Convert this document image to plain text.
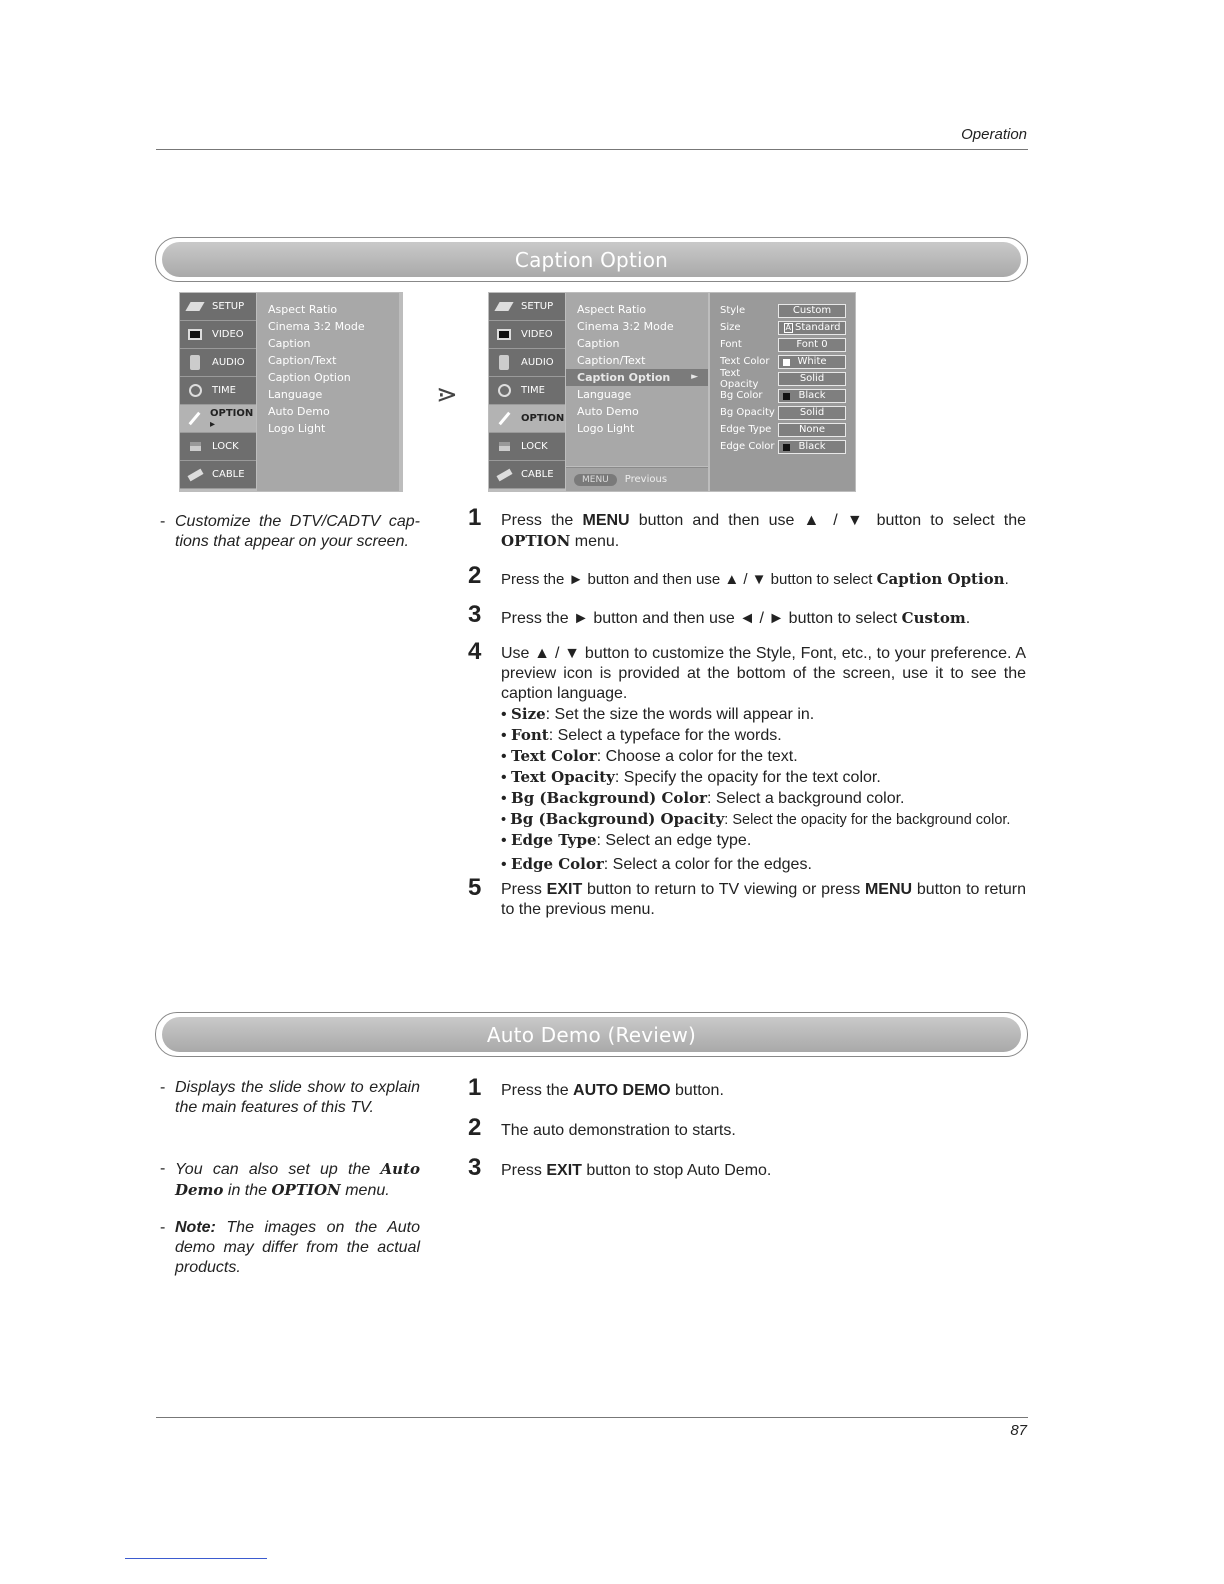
Operation
Caption Option
SETUP
VIDEO
AUDIO
TIME
OPTION ▸
LOCK
CABLE
Aspect Ratio
Cinema 3:2 Mode
Caption
Caption/Text
Caption Option
Language
Auto Demo
Logo Light
⋗
SETUP
VIDEO
AUDIO
TIME
OPTION
LOCK
CABLE
Aspect Ratio
Cinema 3:2 Mode
Caption
Caption/Text
Caption Option ►
Language
Auto Demo
Logo Light
MENU	Previous
Style	Custom
Size	A Standard
Font	Font 0
Text Color	White
Text Opacity	Solid
Bg Color	Black
Bg Opacity	Solid
Edge Type	None
Edge Color	Black
- Customize the DTV/CADTV cap-tions that appear on your screen.
1	Press the MENU button and then use ▲ / ▼ button to select the OPTION menu.
2	Press the ► button and then use ▲ / ▼ button to select Caption Option.
3	Press the ► button and then use ◄ / ► button to select Custom.
4	Use ▲ / ▼ button to customize the Style, Font, etc., to your preference. A preview icon is provided at the bottom of the screen, use it to see the caption language.
• Size: Set the size the words will appear in.
• Font: Select a typeface for the words.
• Text Color: Choose a color for the text.
• Text Opacity: Specify the opacity for the text color.
• Bg (Background) Color: Select a background color.
• Bg (Background) Opacity: Select the opacity for the background color.
• Edge Type: Select an edge type.
• Edge Color: Select a color for the edges.
5	Press EXIT button to return to TV viewing or press MENU button to return to the previous menu.
Auto Demo (Review)
- Displays the slide show to explain the main features of this TV.
- You can also set up the Auto Demo in the OPTION menu.
- Note: The images on the Auto demo may differ from the actual products.
1	Press the AUTO DEMO button.
2	The auto demonstration to starts.
3	Press EXIT button to stop Auto Demo.
87
